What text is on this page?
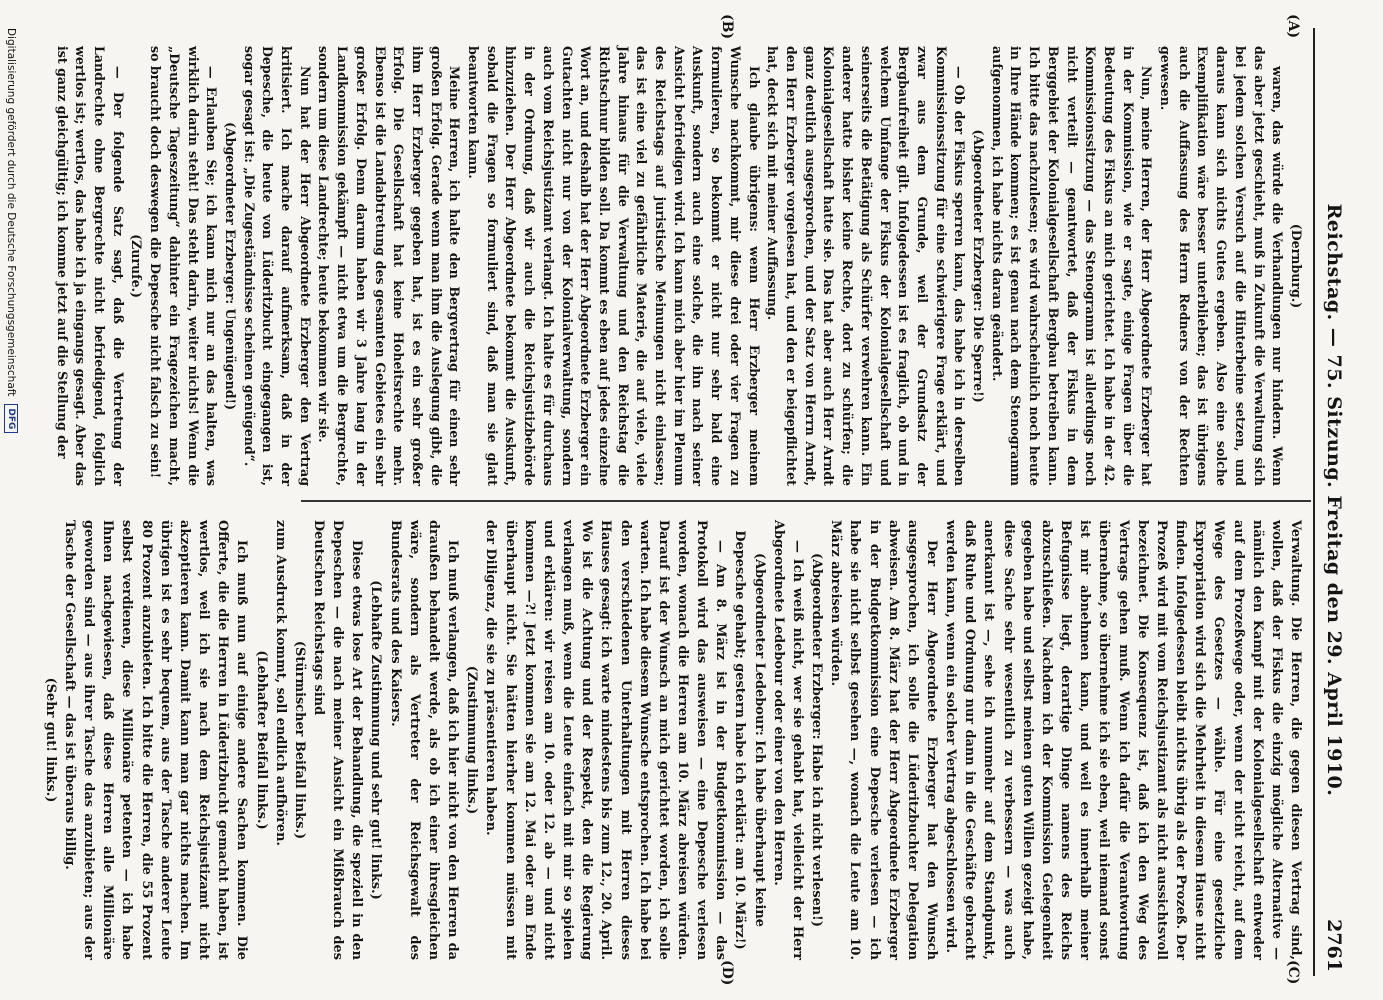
Reichstag. — 75. Sitzung. Freitag den 29. April 1910.
2761
(A)
(B)
(C)
(D)

(Dernburg.)

waren, das würde die Verhandlungen nur hindern. Wenn das aber jetzt geschieht, muß in Zukunft die Verwaltung sich bei jedem solchen Versuch auf die Hinterbeine setzen, und daraus kann sich nichts Gutes ergeben. Also eine solche Exemplifikation wäre besser unterblieben; das ist übrigens auch die Auffassung des Herrn Redners von der Rechten gewesen.

Nun, meine Herren, der Herr Abgeordnete Erzberger hat in der Kommission, wie er sagte, einige Fragen über die Bedeutung des Fiskus an mich gerichtet. Ich habe in der 42. Kommissionssitzung — das Stenogramm ist allerdings noch nicht verteilt — geantwortet, daß der Fiskus in dem Berggebiet der Kolonialgesellschaft Bergbau betreiben kann. Ich bitte das nachzulesen; es wird wahrscheinlich noch heute in Ihre Hände kommen; es ist genau nach dem Stenogramm aufgenommen, ich habe nichts daran geändert.

(Abgeordneter Erzberger: Die Sperre!)

— Ob der Fiskus sperren kann, das habe ich in derselben Kommissionssitzung für eine schwierigere Frage erklärt, und zwar aus dem Grunde, weil der Grundsatz der Bergbaufreiheit gilt. Infolgedessen ist es fraglich, ob und in welchem Umfange der Fiskus der Kolonialgesellschaft und seinerseits die Betätigung als Schürfer verwehren kann. Ein anderer hatte bisher keine Rechte, dort zu schürfen; die Kolonialgesellschaft hatte sie. Das hat aber auch Herr Arndt ganz deutlich ausgesprochen, und der Satz von Herrn Arndt, den Herr Erzberger vorgelesen hat, und den er beigepflichtet hat, deckt sich mit meiner Auffassung.

Ich glaube übrigens: wenn Herr Erzberger meinem Wunsche nachkommt, mir diese drei oder vier Fragen zu formulieren, so bekommt er nicht nur sehr bald eine Auskunft, sondern auch eine solche, die ihn nach seiner Ansicht befriedigen wird. Ich kann mich aber hier im Plenum des Reichstags auf juristische Meinungen nicht einlassen; das ist eine viel zu gefährliche Materie, die auf viele, viele Jahre hinaus für die Verwaltung und den Reichstag die Richtschnur bilden soll. Da kommt es eben auf jedes einzelne Wort an, und deshalb hat der Herr Abgeordnete Erzberger ein Gutachten nicht nur von der Kolonialverwaltung, sondern auch vom Reichsjustizamt verlangt. Ich halte es für durchaus in der Ordnung, daß wir auch die Reichsjustizbehörde hinzuziehen. Der Herr Abgeordnete bekommt die Auskunft, sobald die Fragen so formuliert sind, daß man sie glatt beantworten kann.

Meine Herren, ich halte den Bergvertrag für einen sehr großen Erfolg. Gerade wenn man ihm die Auslegung gibt, die ihm Herr Erzberger gegeben hat, ist es ein sehr großer Erfolg. Die Gesellschaft hat keine Hoheitsrechte mehr. Ebenso ist die Landabtretung des gesamten Gebietes ein sehr großer Erfolg. Denn darum haben wir 3 Jahre lang in der Landkommission gekämpft — nicht etwa um die Bergrechte, sondern um diese Landrechte; heute bekommen wir sie.

Nun hat der Herr Abgeordnete Erzberger den Vertrag kritisiert. Ich mache darauf aufmerksam, daß in der Depesche, die heute von Lüderitzbucht eingegangen ist, sogar gesagt ist: „Die Zugeständnisse scheinen genügend“.

(Abgeordneter Erzberger: Ungenügend!)

— Erlauben Sie; ich kann mich nur an das halten, was wirklich darin steht! Das steht darin, weiter nichts! Wenn die „Deutsche Tageszeitung“ dahinter ein Fragezeichen macht, so braucht doch deswegen die Depesche nicht falsch zu sein!

(Zurufe.)

— Der folgende Satz sagt, daß die Vertretung der Landrechte ohne Bergrechte nicht befriedigend, folglich wertlos ist; wertlos, das habe ich ja eingangs gesagt. Aber das ist ganz gleichgültig; ich komme jetzt auf die Stellung der

Verwaltung. Die Herren, die gegen diesen Vertrag sind, wollen, daß der Fiskus die einzig mögliche Alternative — nämlich den Kampf mit der Kolonialgesellschaft entweder auf dem Prozeßwege oder, wenn der nicht reicht, auf dem Wege des Gesetzes — wähle. Für eine gesetzliche Expropriation wird sich die Mehrheit in diesem Hause nicht finden. Infolgedessen bleibt nichts übrig als der Prozeß. Der Prozeß wird mit vom Reichsjustizamt als nicht aussichtsvoll bezeichnet. Die Konsequenz ist, daß ich den Weg des Vertrags gehen muß. Wenn ich dafür die Verantwortung übernehme, so übernehme ich sie eben, weil niemand sonst ist mir abnehmen kann, und weil es innerhalb meiner Befugnisse liegt, derartige Dinge namens des Reichs abzuschließen. Nachdem ich der Kommission Gelegenheit gegeben habe und selbst meinen guten Willen gezeigt habe, diese Sache sehr wesentlich zu verbessern — was auch anerkannt ist —, sehe ich nunmehr auf dem Standpunkt, daß Ruhe und Ordnung nur dann in die Geschäfte gebracht werden kann, wenn ein solcher Vertrag abgeschlossen wird.

Der Herr Abgeordnete Erzberger hat den Wunsch ausgesprochen, ich solle die Lüderitzbuchter Delegation abweisen. Am 8. März hat der Herr Abgeordnete Erzberger in der Budgetkommission eine Depesche verlesen — ich habe sie nicht selbst gesehen —, wonach die Leute am 10. März abreisen würden.

(Abgeordneter Erzberger: Habe ich nicht verlesen!)

— Ich weiß nicht, wer sie gehabt hat, vielleicht der Herr Abgeordnete Ledebour oder einer von den Herren.

(Abgeordneter Ledebour: Ich habe überhaupt keine Depesche gehabt; gestern habe ich erklärt: am 10. März!)

— Am 8. März ist in der Budgetkommission — das Protokoll wird das ausweisen — eine Depesche verlesen worden, wonach die Herren am 10. März abreisen würden. Darauf ist der Wunsch an mich gerichtet worden, ich solle warten. Ich habe diesem Wunsche entsprochen. Ich habe bei den verschiedenen Unterhaltungen mit Herren dieses Hauses gesagt: ich warte mindestens bis zum 12., 20. April. Wo ist die Achtung und der Respekt, den die Regierung verlangen muß, wenn die Leute einfach mit mir so spielen und erklären: wir reisen am 10. oder 12. ab — und nicht kommen —?! Jetzt kommen sie am 12. Mai oder am Ende überhaupt nicht. Sie hätten hierher kommen müssen mit der Diligenz, die sie zu präsentieren haben.

(Zustimmung links.)

Ich muß verlangen, daß ich hier nicht von den Herren da draußen behandelt werde, als ob ich einer ihresgleichen wäre, sondern als Vertreter der Reichsgewalt des Bundesrats und des Kaisers.

(Lebhafte Zustimmung und sehr gut! links.)

Diese etwas lose Art der Behandlung, die speziell in den Depeschen — die nach meiner Ansicht ein Mißbrauch des Deutschen Reichstags sind

(Stürmischer Beifall links.)

zum Ausdruck kommt, soll endlich aufhören.

(Lebhafter Beifall links.)

Ich muß nun auf einige andere Sachen kommen. Die Offerte, die die Herren in Lüderitzbucht gemacht haben, ist wertlos, weil ich sie nach dem Reichsjustizamt nicht akzeptieren kann. Damit kann man gar nichts machen. Im übrigen ist es sehr bequem, aus der Tasche anderer Leute 80 Prozent anzubieten. Ich bitte die Herren, die 55 Prozent selbst verdienen, diese Millionäre petenten — ich habe Ihnen nachgewiesen, daß diese Herren alle Millionäre geworden sind — aus ihrer Tasche das anzubieten; aus der Tasche der Gesellschaft — das ist überaus billig.

(Sehr gut! links.)

Digitalisierung gefördert durch die Deutsche Forschungsgemeinschaft
DFG
